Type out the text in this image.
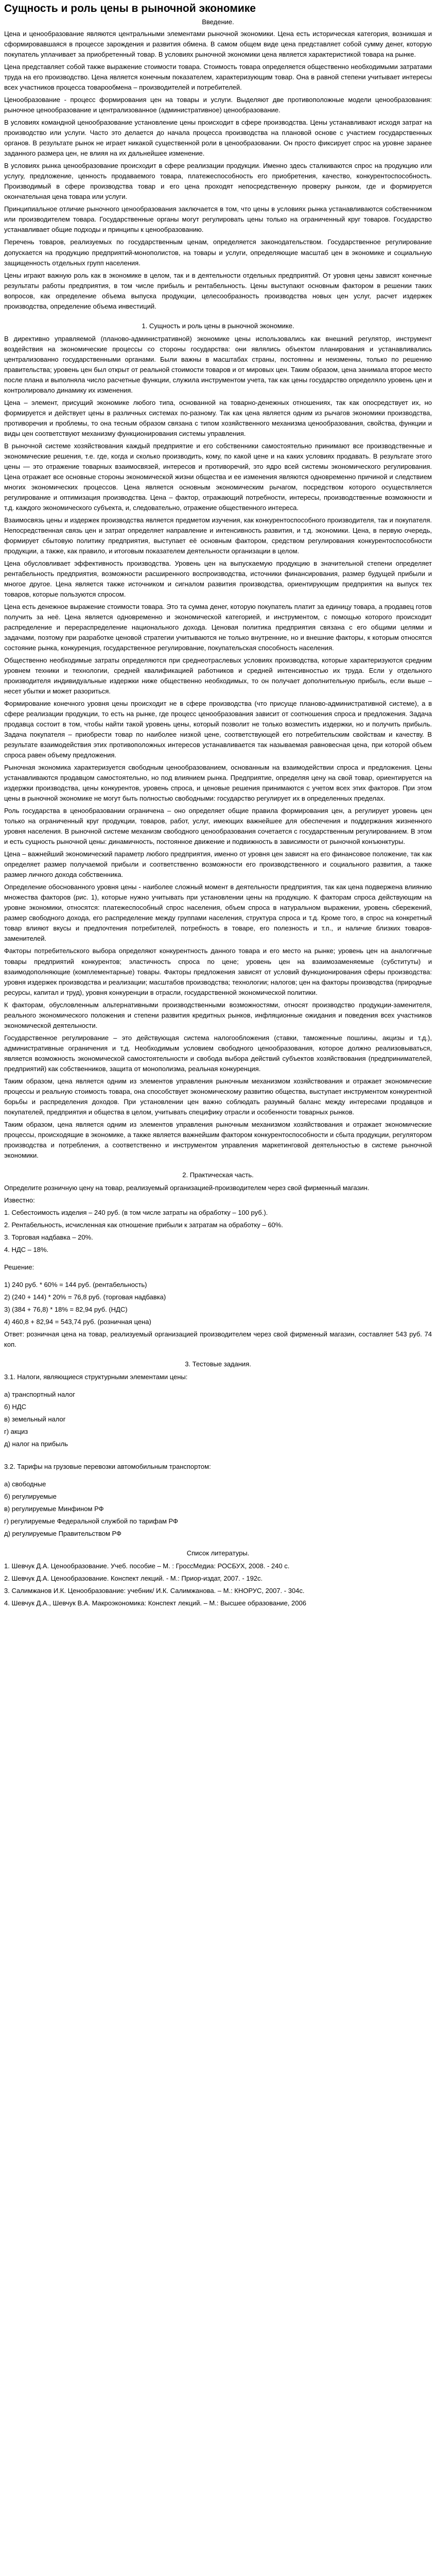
Сущность и роль цены в рыночной экономике
Введение.

Цена и ценообразование являются центральными элементами рыночной экономики. Цена есть историческая категория, возникшая и сформировавшаяся в процессе зарождения и развития обмена. В самом общем виде цена представляет собой сумму денег, которую покупатель уплачивает за приобретенный товар. В условиях рыночной экономики цена является характеристикой товара на рынке.

Цена представляет собой также выражение стоимости товара. Стоимость товара определяется общественно необходимыми затратами труда на его производство. Цена является конечным показателем, характеризующим товар. Она в равной степени учитывает интересы всех участников процесса товарообмена – производителей и потребителей.

Ценообразование - процесс формирования цен на товары и услуги. Выделяют две противоположные модели ценообразования: рыночное ценообразование и централизованное (административное) ценообразование.

В условиях командной ценообразование установление цены происходит в сфере производства. Цены устанавливают исходя затрат на производство или услуги. Часто это делается до начала процесса производства на плановой основе с участием государственных органов. В результате рынок не играет никакой существенной роли в ценообразовании. Он просто фиксирует спрос на уровне заранее заданного размера цен, не влияя на их дальнейшее изменение.

В условиях рынка ценообразование происходит в сфере реализации продукции. Именно здесь сталкиваются спрос на продукцию или услугу, предложение, ценность продаваемого товара, платежеспособность его приобретения, качество, конкурентоспособность. Производимый в сфере производства товар и его цена проходят непосредственную проверку рынком, где и формируется окончательная цена товара или услуги.

Принципиальное отличие рыночного ценообразования заключается в том, что цены в условиях рынка устанавливаются собственником или производителем товара. Государственные органы могут регулировать цены только на ограниченный круг товаров. Государство устанавливает общие подходы и принципы к ценообразованию.

Перечень товаров, реализуемых по государственным ценам, определяется законодательством. Государственное регулирование допускается на продукцию предприятий-монополистов, на товары и услуги, определяющие масштаб цен в экономике и социальную защищенность отдельных групп населения.

Цены играют важную роль как в экономике в целом, так и в деятельности отдельных предприятий. От уровня цены зависят конечные результаты работы предприятия, в том числе прибыль и рентабельность. Цены выступают основным фактором в решении таких вопросов, как определение объема выпуска продукции, целесообразность производства новых цен услуг, расчет издержек производства, определение объема инвестиций.

1. Сущность и роль цены в рыночной экономике.

В директивно управляемой (планово-административной) экономике цены использовались как внешний регулятор, инструмент воздействия на экономические процессы со стороны государства: они являлись объектом планирования и устанавливались централизованно государственными органами. Были важны в масштабах страны, постоянны и неизменны, только по решению правительства; уровень цен был открыт от реальной стоимости товаров и от мировых цен. Таким образом, цена занимала второе место после плана и выполняла число расчетные функции, служила инструментом учета, так как цены государство определяло уровень цен и контролировало динамику их изменения.

Цена – элемент, присущий экономике любого типа, основанной на товарно-денежных отношениях, так как опосредствует их, но формируется и действует цены в различных системах по-разному. Так как цена является одним из рычагов экономики производства, противоречия и проблемы, то она тесным образом связана с типом хозяйственного механизма ценообразования, свойства, функции и виды цен соответствуют механизму функционирования системы управления.

В рыночной системе хозяйствования каждый предприятие и его собственники самостоятельно принимают все производственные и экономические решения, т.е. где, когда и сколько производить, кому, по какой цене и на каких условиях продавать. В результате этого цены — это отражение товарных взаимосвязей, интересов и противоречий, это ядро всей системы экономического регулирования. Цена отражает все основные стороны экономической жизни общества и ее изменения являются одновременно причиной и следствием многих экономических процессов. Цена является основным экономическим рычагом, посредством которого осуществляется регулирование и оптимизация производства. Цена – фактор, отражающий потребности, интересы, производственные возможности и т.д. каждого экономического субъекта, и, следовательно, отражение общественного интереса.

Взаимосвязь цены и издержек производства является предметом изучения, как конкурентоспособного производителя, так и покупателя. Непосредственная связь цен и затрат определяет направление и интенсивность развития, и т.д. экономики. Цена, в первую очередь, формирует сбытовую политику предприятия, выступает её основным фактором, средством регулирования конкурентоспособности продукции, а также, как правило, и итоговым показателем деятельности организации в целом.

Цена обусловливает эффективность производства. Уровень цен на выпускаемую продукцию в значительной степени определяет рентабельность предприятия, возможности расширенного воспроизводства, источники финансирования, размер будущей прибыли и многое другое. Цена является также источником и сигналом развития производства, ориентирующим предприятия на выпуск тех товаров, которые пользуются спросом.

Цена есть денежное выражение стоимости товара. Это та сумма денег, которую покупатель платит за единицу товара, а продавец готов получить за неё. Цена является одновременно и экономической категорией, и инструментом, с помощью которого происходит распределение и перераспределение национального дохода. Ценовая политика предприятия связана с его общими целями и задачами, поэтому при разработке ценовой стратегии учитываются не только внутренние, но и внешние факторы, к которым относятся состояние рынка, конкуренция, государственное регулирование, покупательская способность населения.

Общественно необходимые затраты определяются при среднеотраслевых условиях производства, которые характеризуются средним уровнем техники и технологии, средней квалификацией работников и средней интенсивностью их труда. Если у отдельного производителя индивидуальные издержки ниже общественно необходимых, то он получает дополнительную прибыль, если выше – несет убытки и может разориться.

Формирование конечного уровня цены происходит не в сфере производства (что присуще планово-административной системе), а в сфере реализации продукции, то есть на рынке, где процесс ценообразования зависит от соотношения спроса и предложения. Задача продавца состоит в том, чтобы найти такой уровень цены, который позволит не только возместить издержки, но и получить прибыль. Задача покупателя – приобрести товар по наиболее низкой цене, соответствующей его потребительским свойствам и качеству. В результате взаимодействия этих противоположных интересов устанавливается так называемая равновесная цена, при которой объем спроса равен объему предложения.

Рыночная экономика характеризуется свободным ценообразованием, основанным на взаимодействии спроса и предложения. Цены устанавливаются продавцом самостоятельно, но под влиянием рынка. Предприятие, определяя цену на свой товар, ориентируется на издержки производства, цены конкурентов, уровень спроса, и ценовые решения принимаются с учетом всех этих факторов. При этом цены в рыночной экономике не могут быть полностью свободными: государство регулирует их в определенных пределах.

Роль государства в ценообразовании ограничена – оно определяет общие правила формирования цен, а регулирует уровень цен только на ограниченный круг продукции, товаров, работ, услуг, имеющих важнейшее для обеспечения и поддержания жизненного уровня населения. В рыночной системе механизм свободного ценообразования сочетается с государственным регулированием. В этом и есть сущность рыночной цены: динамичность, постоянное движение и подвижность в зависимости от рыночной конъюнктуры.

Цена – важнейший экономический параметр любого предприятия, именно от уровня цен зависят на его финансовое положение, так как определяет размер получаемой прибыли и соответственно возможности его производственного и социального развития, а также размер личного дохода собственника.

Определение обоснованного уровня цены - наиболее сложный момент в деятельности предприятия, так как цена подвержена влиянию множества факторов (рис. 1), которые нужно учитывать при установлении цены на продукцию. К факторам спроса действующим на уровне экономики, относятся: платежеспособный спрос населения, объем спроса в натуральном выражении, уровень сбережений, размер свободного дохода, его распределение между группами населения, структура спроса и т.д. Кроме того, в спрос на конкретный товар влияют вкусы и предпочтения потребителей, потребность в товаре, его полезность и т.п., и наличие близких товаров-заменителей.

Факторы потребительского выбора определяют конкурентность данного товара и его место на рынке; уровень цен на аналогичные товары предприятий конкурентов; эластичность спроса по цене; уровень цен на взаимозаменяемые (субституты) и взаимодополняющие (комплементарные) товары. Факторы предложения зависят от условий функционирования сферы производства: уровня издержек производства и реализации; масштабов производства; технологии; налогов; цен на факторы производства (природные ресурсы, капитал и труд), уровня конкуренции в отрасли, государственной экономической политики.

К факторам, обусловленным альтернативными производственными возможностями, относят производство продукции-заменителя, реального экономического положения и степени развития кредитных рынков, инфляционные ожидания и поведения всех участников экономической деятельности.

Государственное регулирование – это действующая система налогообложения (ставки, таможенные пошлины, акцизы и т.д.), административные ограничения и т.д. Необходимым условием свободного ценообразования, которое должно реализовываться, является возможность экономической самостоятельности и свобода выбора действий субъектов хозяйствования (предпринимателей, предприятий) как собственников, защита от монополизма, реальная конкуренция.

Таким образом, цена является одним из элементов управления рыночным механизмом хозяйствования и отражает экономические процессы и реальную стоимость товара, она способствует экономическому развитию общества, выступает инструментом конкурентной борьбы и распределения доходов. При установлении цен важно соблюдать разумный баланс между интересами продавцов и покупателей, предприятия и общества в целом, учитывать специфику отрасли и особенности товарных рынков.

Таким образом, цена является одним из элементов управления рыночным механизмом хозяйствования и отражает экономические процессы, происходящие в экономике, а также является важнейшим фактором конкурентоспособности и сбыта продукции, регулятором производства и потребления, а соответственно и инструментом управления маркетинговой деятельностью в системе рыночной экономики.

2. Практическая часть.

Определите розничную цену на товар, реализуемый организацией-производителем через свой фирменный магазин.

Известно:

1. Себестоимость изделия – 240 руб. (в том числе затраты на обработку – 100 руб.).

2. Рентабельность, исчисленная как отношение прибыли к затратам на обработку – 60%.

3. Торговая надбавка – 20%.

4. НДС – 18%.

Решение:

1) 240 руб. * 60% = 144 руб. (рентабельность)

2) (240 + 144) * 20% = 76,8 руб. (торговая надбавка)

3) (384 + 76,8) * 18% = 82,94 руб. (НДС)

4) 460,8 + 82,94 = 543,74 руб. (розничная цена)

Ответ: розничная цена на товар, реализуемый организацией производителем через свой фирменный магазин, составляет 543 руб. 74 коп.

3. Тестовые задания.

3.1. Налоги, являющиеся структурными элементами цены:

а) транспортный налог

б) НДС

в) земельный налог

г) акциз

д) налог на прибыль

3.2. Тарифы на грузовые перевозки автомобильным транспортом:

а) свободные

б) регулируемые

в) регулируемые Минфином РФ

г) регулируемые Федеральной службой по тарифам РФ

д) регулируемые Правительством РФ

Список литературы.

1. Шевчук Д.А. Ценообразование. Учеб. пособие – М. : ГроссМедиа: РОСБУХ, 2008. - 240 с.

2. Шевчук Д.А. Ценообразование. Конспект лекций. - М.: Приор-издат, 2007. - 192с.

3. Салимжанов И.К. Ценообразование: учебник/ И.К. Салимжанова. – М.: КНОРУС, 2007. - 304с.

4. Шевчук Д.А., Шевчук В.А. Макроэкономика: Конспект лекций. – М.: Высшее образование, 2006
